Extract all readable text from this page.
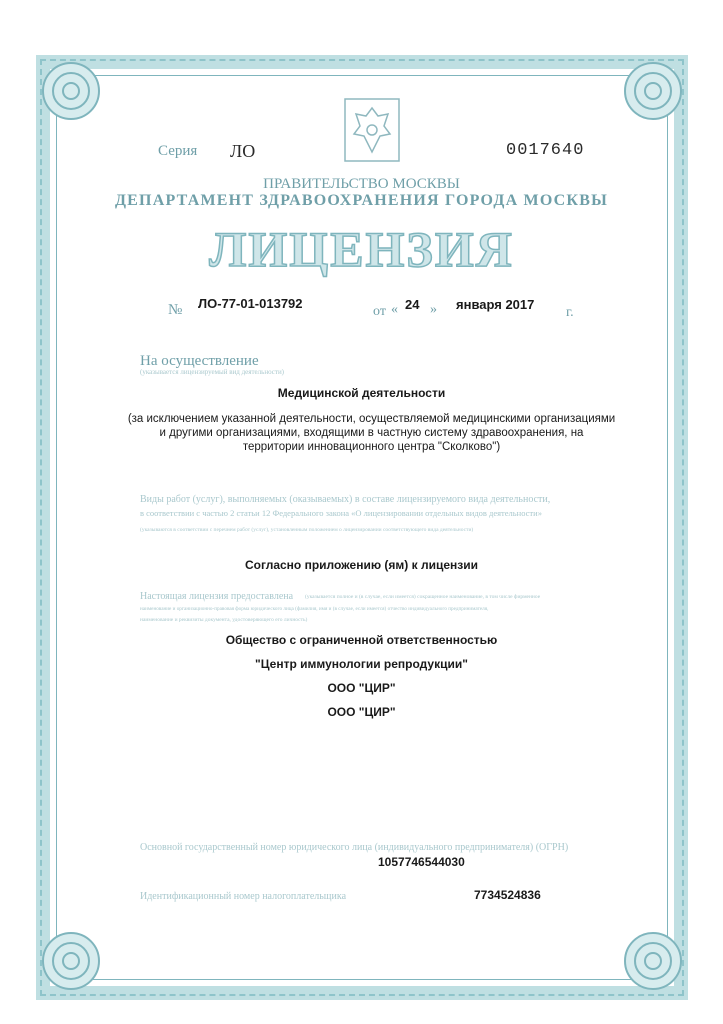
Серия ЛО	0017640
ПРАВИТЕЛЬСТВО МОСКВЫ
ДЕПАРТАМЕНТ ЗДРАВООХРАНЕНИЯ ГОРОДА МОСКВЫ
ЛИЦЕНЗИЯ
№ ЛО-77-01-013792
от « 24 » января 2017
г.
На осуществление
(указывается лицензируемый вид деятельности)
Медицинской деятельности
(за исключением указанной деятельности, осуществляемой медицинскими организациями
и другими организациями, входящими в частную систему здравоохранения, на
территории инновационного центра "Сколково")
Виды работ (услуг), выполняемых (оказываемых) в составе лицензируемого вида деятельности,
в соответствии с частью 2 статьи 12 Федерального закона «О лицензировании отдельных видов деятельности»
(указываются в соответствии с перечнем работ (услуг), установленным положением о лицензировании соответствующего вида деятельности)
Согласно приложению (ям) к лицензии
Настоящая лицензия предоставлена (указывается полное и (в случае, если имеется) сокращенное наименование, в том числе фирменное
наименование и организационно-правовая форма юридического лица (фамилия, имя и (в случае, если имеется) отчество индивидуального предпринимателя,
наименование и реквизиты документа, удостоверяющего его личность)
Общество с ограниченной ответственностью
"Центр иммунологии репродукции"
ООО "ЦИР"
ООО "ЦИР"
Основной государственный номер юридического лица (индивидуального предпринимателя) (ОГРН)
1057746544030
Идентификационный номер налогоплательщика	7734524836
